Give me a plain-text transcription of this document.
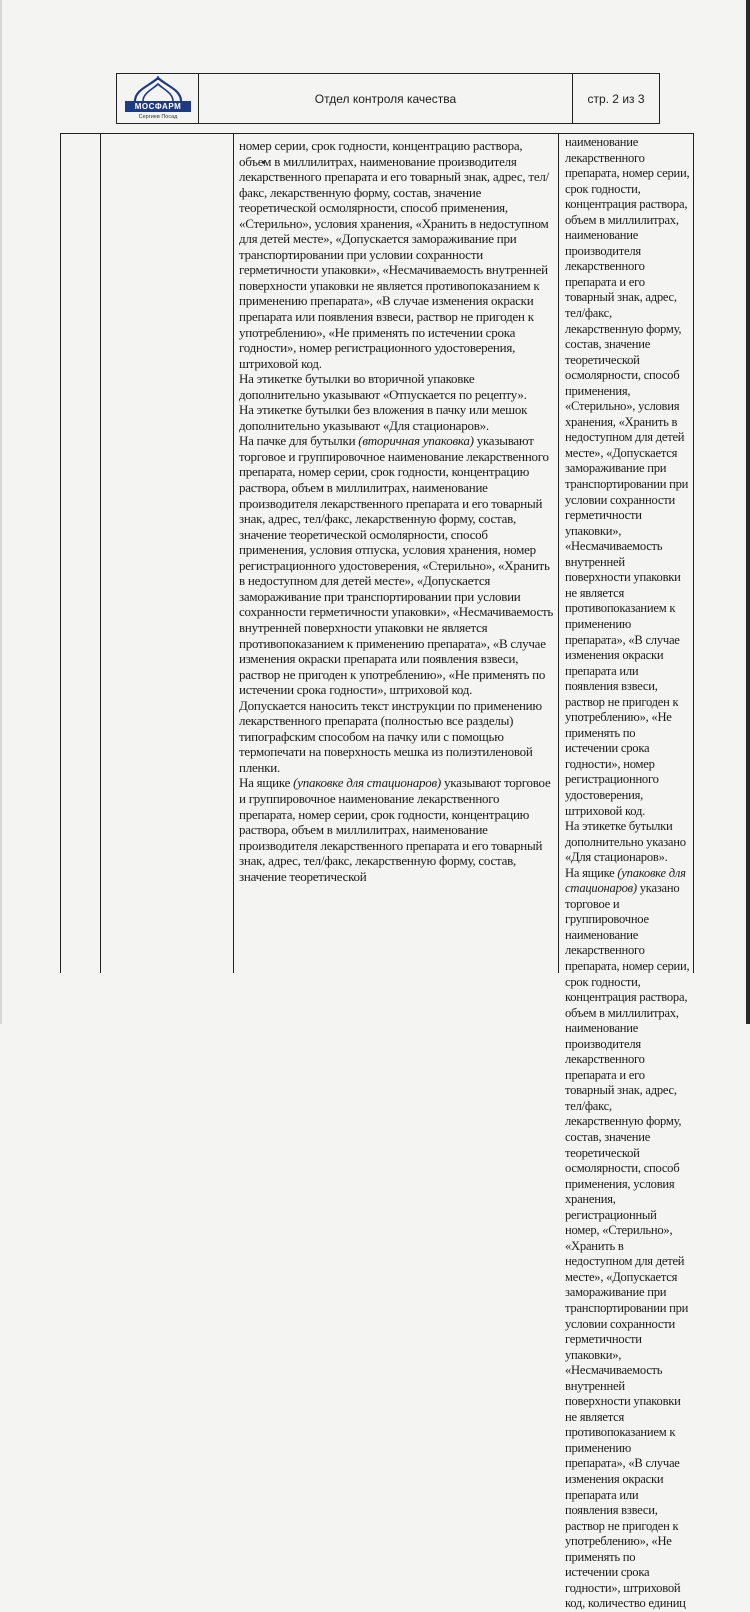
МОСФАРМ
Сергиев Посад
Отдел контроля качества	стр. 2 из 3

номер серии, срок годности, концентрацию раствора, объем в миллилитрах, наименование производителя лекарственного препарата и его товарный знак, адрес, тел/факс, лекарственную форму, состав, значение теоретической осмолярности, способ применения, «Стерильно», условия хранения, «Хранить в недоступном для детей месте», «Допускается замораживание при транспортировании при условии сохранности герметичности упаковки», «Несмачиваемость внутренней поверхности упаковки не является противопоказанием к применению препарата», «В случае изменения окраски препарата или появления взвеси, раствор не пригоден к употреблению», «Не применять по истечении срока годности», номер регистрационного удостоверения, штриховой код.

На этикетке бутылки во вторичной упаковке дополнительно указывают «Отпускается по рецепту».

На этикетке бутылки без вложения в пачку или мешок дополнительно указывают «Для стационаров».

На пачке для бутылки (вторичная упаковка) указывают торговое и группировочное наименование лекарственного препарата, номер серии, срок годности, концентрацию раствора, объем в миллилитрах, наименование производителя лекарственного препарата и его товарный знак, адрес, тел/факс, лекарственную форму, состав, значение теоретической осмолярности, способ применения, условия отпуска, условия хранения, номер регистрационного удостоверения, «Стерильно», «Хранить в недоступном для детей месте», «Допускается замораживание при транспортировании при условии сохранности герметичности упаковки», «Несмачиваемость внутренней поверхности упаковки не является противопоказанием к применению препарата», «В случае изменения окраски препарата или появления взвеси, раствор не пригоден к употреблению», «Не применять по истечении срока годности», штриховой код.

Допускается наносить текст инструкции по применению лекарственного препарата (полностью все разделы) типографским способом на пачку или с помощью термопечати на поверхность мешка из полиэтиленовой пленки.

На ящике (упаковке для стационаров) указывают торговое и группировочное наименование лекарственного препарата, номер серии, срок годности, концентрацию раствора, объем в миллилитрах, наименование производителя лекарственного препарата и его товарный знак, адрес, тел/факс, лекарственную форму, состав, значение теоретической

наименование лекарственного препарата, номер серии, срок годности, концентрация раствора, объем в миллилитрах, наименование производителя лекарственного препарата и его товарный знак, адрес, тел/факс, лекарственную форму, состав, значение теоретической осмолярности, способ применения, «Стерильно», условия хранения, «Хранить в недоступном для детей месте», «Допускается замораживание при транспортировании при условии сохранности герметичности упаковки», «Несмачиваемость внутренней поверхности упаковки не является противопоказанием к применению препарата», «В случае изменения окраски препарата или появления взвеси, раствор не пригоден к употреблению», «Не применять по истечении срока годности», номер регистрационного удостоверения, штриховой код.

На этикетке бутылки дополнительно указано «Для стационаров».

На ящике (упаковке для стационаров) указано торговое и группировочное наименование лекарственного препарата, номер серии, срок годности, концентрация раствора, объем в миллилитрах, наименование производителя лекарственного препарата и его товарный знак, адрес, тел/факс, лекарственную форму, состав, значение теоретической осмолярности, способ применения, условия хранения, регистрационный номер, «Стерильно», «Хранить в недоступном для детей месте», «Допускается замораживание при транспортировании при условии сохранности герметичности упаковки», «Несмачиваемость внутренней поверхности упаковки не является противопоказанием к применению препарата», «В случае изменения окраски препарата или появления взвеси, раствор не пригоден к употреблению», «Не применять по истечении срока годности», штриховой код, количество единиц
